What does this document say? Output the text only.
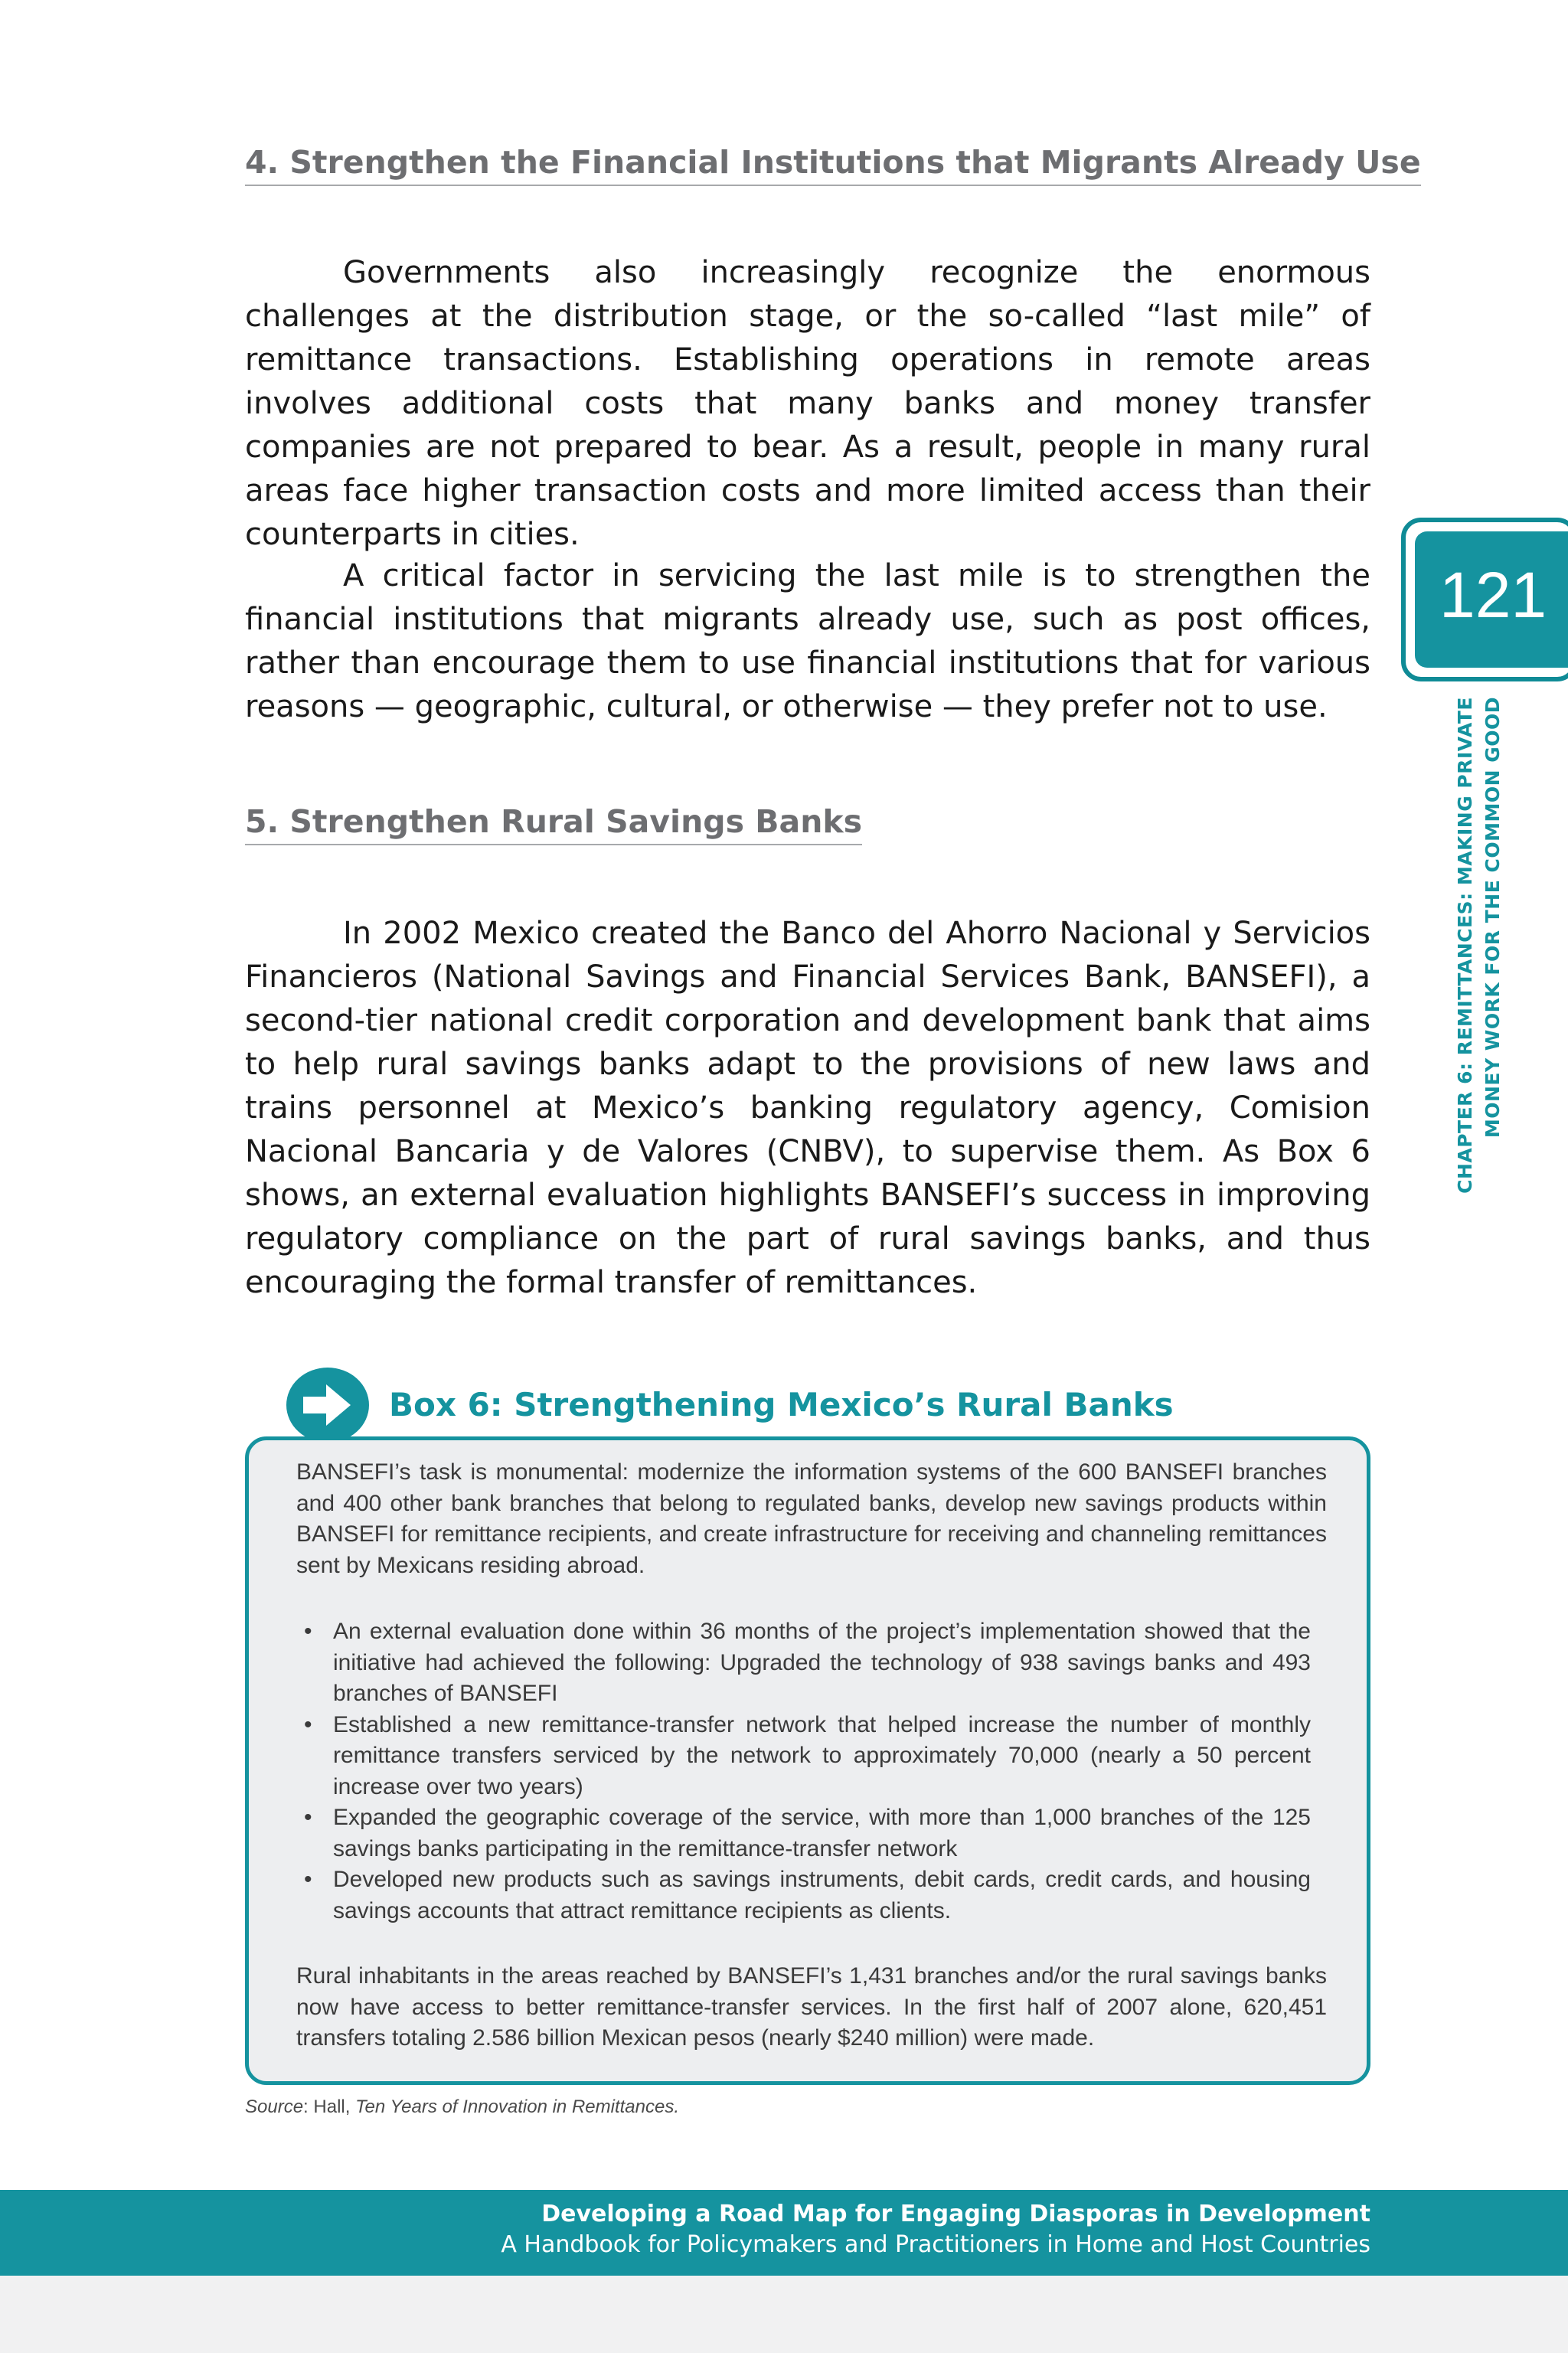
4. Strengthen the Financial Institutions that Migrants Already Use

Governments also increasingly recognize the enormous challenges at the distribution stage, or the so-called “last mile” of remittance transactions. Establishing operations in remote areas involves additional costs that many banks and money transfer companies are not prepared to bear. As a result, people in many rural areas face higher transaction costs and more limited access than their counterparts in cities.

A critical factor in servicing the last mile is to strengthen the financial institutions that migrants already use, such as post offices, rather than encourage them to use financial institutions that for various reasons — geographic, cultural, or otherwise — they prefer not to use.

5. Strengthen Rural Savings Banks

In 2002 Mexico created the Banco del Ahorro Nacional y Servicios Financieros (National Savings and Financial Services Bank, BANSEFI), a second-tier national credit corporation and development bank that aims to help rural savings banks adapt to the provisions of new laws and trains personnel at Mexico’s banking regulatory agency, Comision Nacional Bancaria y de Valores (CNBV), to supervise them. As Box 6 shows, an external evaluation highlights BANSEFI’s success in improving regulatory compliance on the part of rural savings banks, and thus encouraging the formal transfer of remittances.

121
CHAPTER 6: REMITTANCES: MAKING PRIVATE MONEY WORK FOR THE COMMON GOOD
Box 6: Strengthening Mexico’s Rural Banks

BANSEFI’s task is monumental: modernize the information systems of the 600 BANSEFI branches and 400 other bank branches that belong to regulated banks, develop new savings products within BANSEFI for remittance recipients, and create infrastructure for receiving and channeling remittances sent by Mexicans residing abroad.

• An external evaluation done within 36 months of the project’s implementation showed that the initiative had achieved the following: Upgraded the technology of 938 savings banks and 493 branches of BANSEFI
• Established a new remittance-transfer network that helped increase the number of monthly remittance transfers serviced by the network to approximately 70,000 (nearly a 50 percent increase over two years)
• Expanded the geographic coverage of the service, with more than 1,000 branches of the 125 savings banks participating in the remittance-transfer network
• Developed new products such as savings instruments, debit cards, credit cards, and housing savings accounts that attract remittance recipients as clients.

Rural inhabitants in the areas reached by BANSEFI’s 1,431 branches and/or the rural savings banks now have access to better remittance-transfer services. In the first half of 2007 alone, 620,451 transfers totaling 2.586 billion Mexican pesos (nearly $240 million) were made.

Source: Hall, Ten Years of Innovation in Remittances.

Developing a Road Map for Engaging Diasporas in Development
A Handbook for Policymakers and Practitioners in Home and Host Countries
